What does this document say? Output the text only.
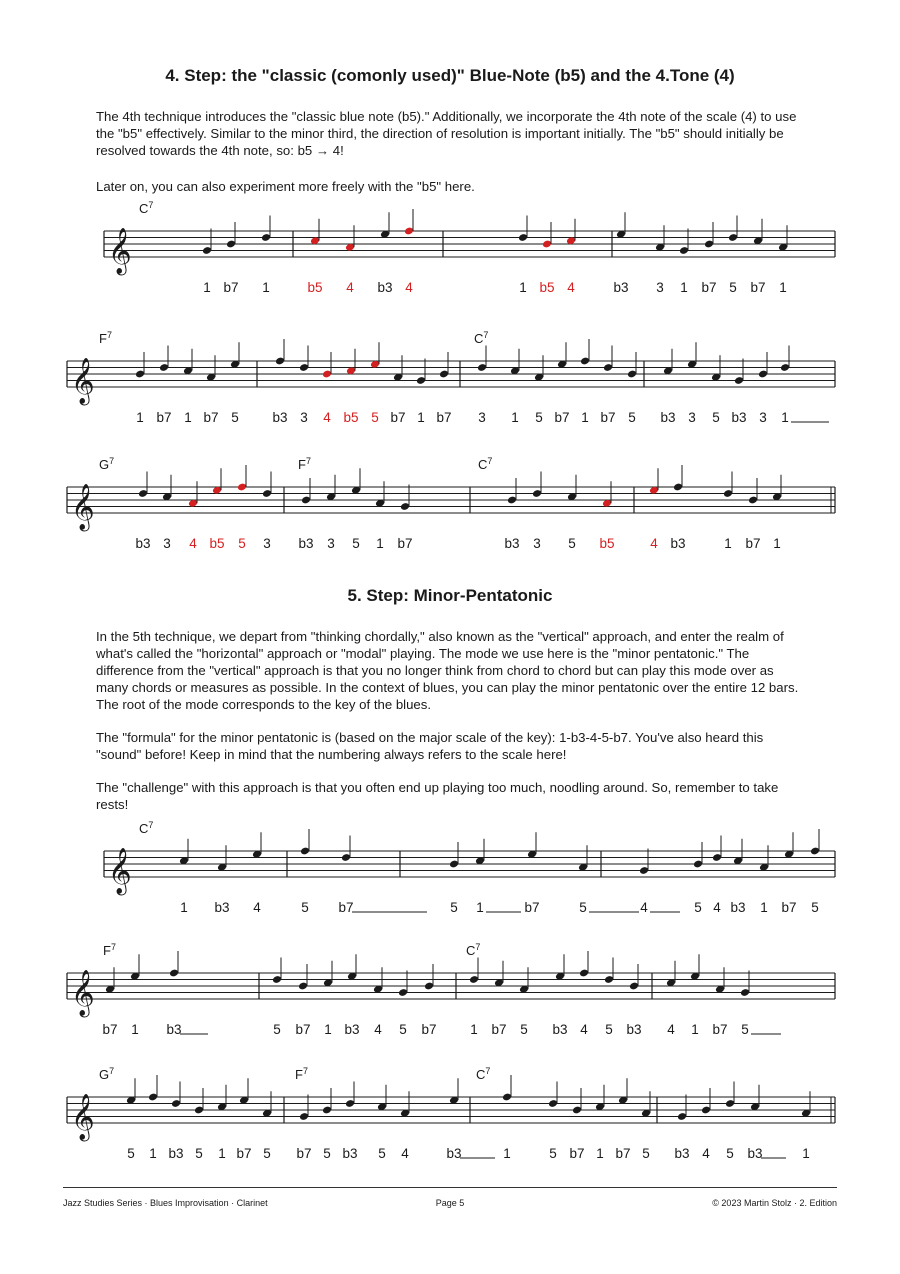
4. Step: the "classic (comonly used)" Blue-Note (b5) and the 4.Tone (4)

The 4th technique introduces the "classic blue note (b5)." Additionally, we incorporate the 4th note of the scale (4) to use the "b5" effectively. Similar to the minor third, the direction of resolution is important initially. The "b5" should initially be resolved towards the 4th note, so: b5 → 4!

Later on, you can also experiment more freely with the "b5" here.

5. Step: Minor-Pentatonic

In the 5th technique, we depart from "thinking chordally," also known as the "vertical" approach, and enter the realm of what's called the "horizontal" approach or "modal" playing. The mode we use here is the "minor pentatonic." The difference from the "vertical" approach is that you no longer think from chord to chord but can play this mode over as many chords or measures as possible. In the context of blues, you can play the minor pentatonic over the entire 12 bars. The root of the mode corresponds to the key of the blues.

The "formula" for the minor pentatonic is (based on the major scale of the key): 1-b3-4-5-b7. You've also heard this "sound" before! Keep in mind that the numbering always refers to the scale here!

The "challenge" with this approach is that you often end up playing too much, noodling around. So, remember to take rests!

𝄞
$C^7$
1 b7 1	b5 4 b3 4	1 b5 4	b3 3 1 b7 5 b7 1
𝄞
$F^7$	$C^7$
1 b7 1 b7 5 b3 3 4 b5 5 b7 1 b7 3 1 5 b7 1 b7 5 b3 3 5 b3 3 1
𝄞
$G^7$	$F^7$	$C^7$
b3 3 4 b5 5 3 b3 3 5 1 b7	b3 3 5 b5	4 b3	1 b7 1
𝄞
$C^7$
1 b3 4	5 b7	5 1	b7	5	4	5 4 b3 1 b7 5
𝄞
$F^7$	$C^7$
b7 1 b3	5 b7 1 b3 4 5 b7 1 b7 5 b3 4 5 b3 4 1 b7 5
𝄞
$G^7$	$F^7$	$C^7$
5 1 b3 5 1 b7 5 b7 5 b3 5 4	b3	1	5 b7 1 b7 5 b3 4 5 b3	1
Jazz Studies Series · Blues Improvisation · Clarinet	Page 5	© 2023 Martin Stolz · 2. Edition
